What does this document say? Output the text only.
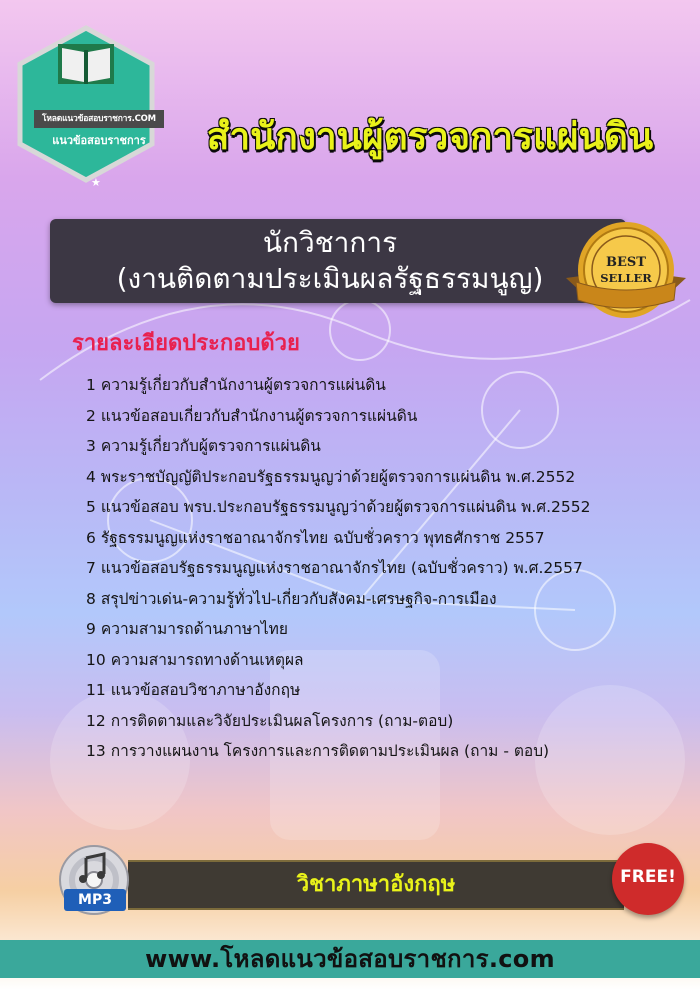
โหลดแนวข้อสอบราชการ.COM
แนวข้อสอบราชการ
★
สำนักงานผู้ตรวจการแผ่นดิน
นักวิชาการ
(งานติดตามประเมินผลรัฐธรรมนูญ)	BEST
SELLER
รายละเอียดประกอบด้วย
1 ความรู้เกี่ยวกับสำนักงานผู้ตรวจการแผ่นดิน
2 แนวข้อสอบเกี่ยวกับสำนักงานผู้ตรวจการแผ่นดิน
3 ความรู้เกี่ยวกับผู้ตรวจการแผ่นดิน
4 พระราชบัญญัติประกอบรัฐธรรมนูญว่าด้วยผู้ตรวจการแผ่นดิน พ.ศ.2552
5 แนวข้อสอบ พรบ.ประกอบรัฐธรรมนูญว่าด้วยผู้ตรวจการแผ่นดิน พ.ศ.2552
6 รัฐธรรมนูญแห่งราชอาณาจักรไทย ฉบับชั่วคราว พุทธศักราช 2557
7 แนวข้อสอบรัฐธรรมนูญแห่งราชอาณาจักรไทย (ฉบับชั่วคราว) พ.ศ.2557
8 สรุปข่าวเด่น-ความรู้ทั่วไป-เกี่ยวกับสังคม-เศรษฐกิจ-การเมือง
9 ความสามารถด้านภาษาไทย
10 ความสามารถทางด้านเหตุผล
11 แนวข้อสอบวิชาภาษาอังกฤษ
12 การติดตามและวิจัยประเมินผลโครงการ (ถาม-ตอบ)
13 การวางแผนงาน โครงการและการติดตามประเมินผล (ถาม - ตอบ)
วิชาภาษาอังกฤษ
MP3
FREE!
www.โหลดแนวข้อสอบราชการ.com
